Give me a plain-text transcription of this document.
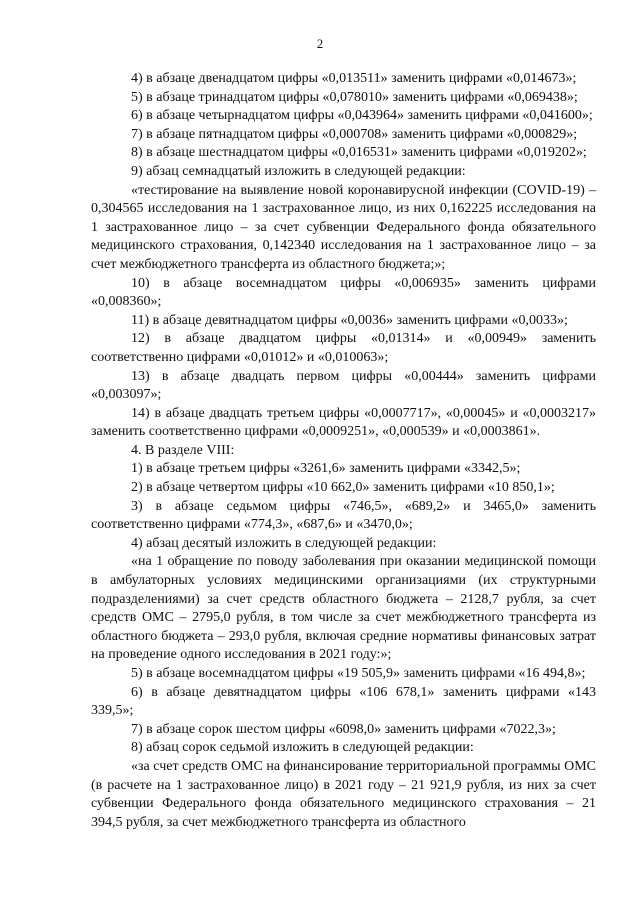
2

4) в абзаце двенадцатом цифры «0,013511» заменить цифрами «0,014673»;

5) в абзаце тринадцатом цифры «0,078010» заменить цифрами «0,069438»;

6) в абзаце четырнадцатом цифры «0,043964» заменить цифрами «0,041600»;

7) в абзаце пятнадцатом цифры «0,000708» заменить цифрами «0,000829»;

8) в абзаце шестнадцатом цифры «0,016531» заменить цифрами «0,019202»;

9) абзац семнадцатый изложить в следующей редакции:

«тестирование на выявление новой коронавирусной инфекции (COVID-19) – 0,304565 исследования на 1 застрахованное лицо, из них 0,162225 исследования на 1 застрахованное лицо – за счет субвенции Федерального фонда обязательного медицинского страхования, 0,142340 исследования на 1 застрахованное лицо – за счет межбюджетного трансферта из областного бюджета;»;

10) в абзаце восемнадцатом цифры «0,006935» заменить цифрами «0,008360»;

11) в абзаце девятнадцатом цифры «0,0036» заменить цифрами «0,0033»;

12) в абзаце двадцатом цифры «0,01314» и «0,00949» заменить соответственно цифрами «0,01012» и «0,010063»;

13) в абзаце двадцать первом цифры «0,00444» заменить цифрами «0,003097»;

14) в абзаце двадцать третьем цифры «0,0007717», «0,00045» и «0,0003217» заменить соответственно цифрами «0,0009251», «0,000539» и «0,0003861».

4. В разделе VIII:

1) в абзаце третьем цифры «3261,6» заменить цифрами «3342,5»;

2) в абзаце четвертом цифры «10 662,0» заменить цифрами «10 850,1»;

3) в абзаце седьмом цифры «746,5», «689,2» и 3465,0» заменить соответственно цифрами «774,3», «687,6» и «3470,0»;

4) абзац десятый изложить в следующей редакции:

«на 1 обращение по поводу заболевания при оказании медицинской помощи в амбулаторных условиях медицинскими организациями (их структурными подразделениями) за счет средств областного бюджета – 2128,7 рубля, за счет средств ОМС – 2795,0 рубля, в том числе за счет межбюджетного трансферта из областного бюджета – 293,0 рубля, включая средние нормативы финансовых затрат на проведение одного исследования в 2021 году:»;

5) в абзаце восемнадцатом цифры «19 505,9» заменить цифрами «16 494,8»;

6) в абзаце девятнадцатом цифры «106 678,1» заменить цифрами «143 339,5»;

7) в абзаце сорок шестом цифры «6098,0» заменить цифрами «7022,3»;

8) абзац сорок седьмой изложить в следующей редакции:

«за счет средств ОМС на финансирование территориальной программы ОМС (в расчете на 1 застрахованное лицо) в 2021 году – 21 921,9 рубля, из них за счет субвенции Федерального фонда обязательного медицинского страхования – 21 394,5 рубля, за счет межбюджетного трансферта из областного
